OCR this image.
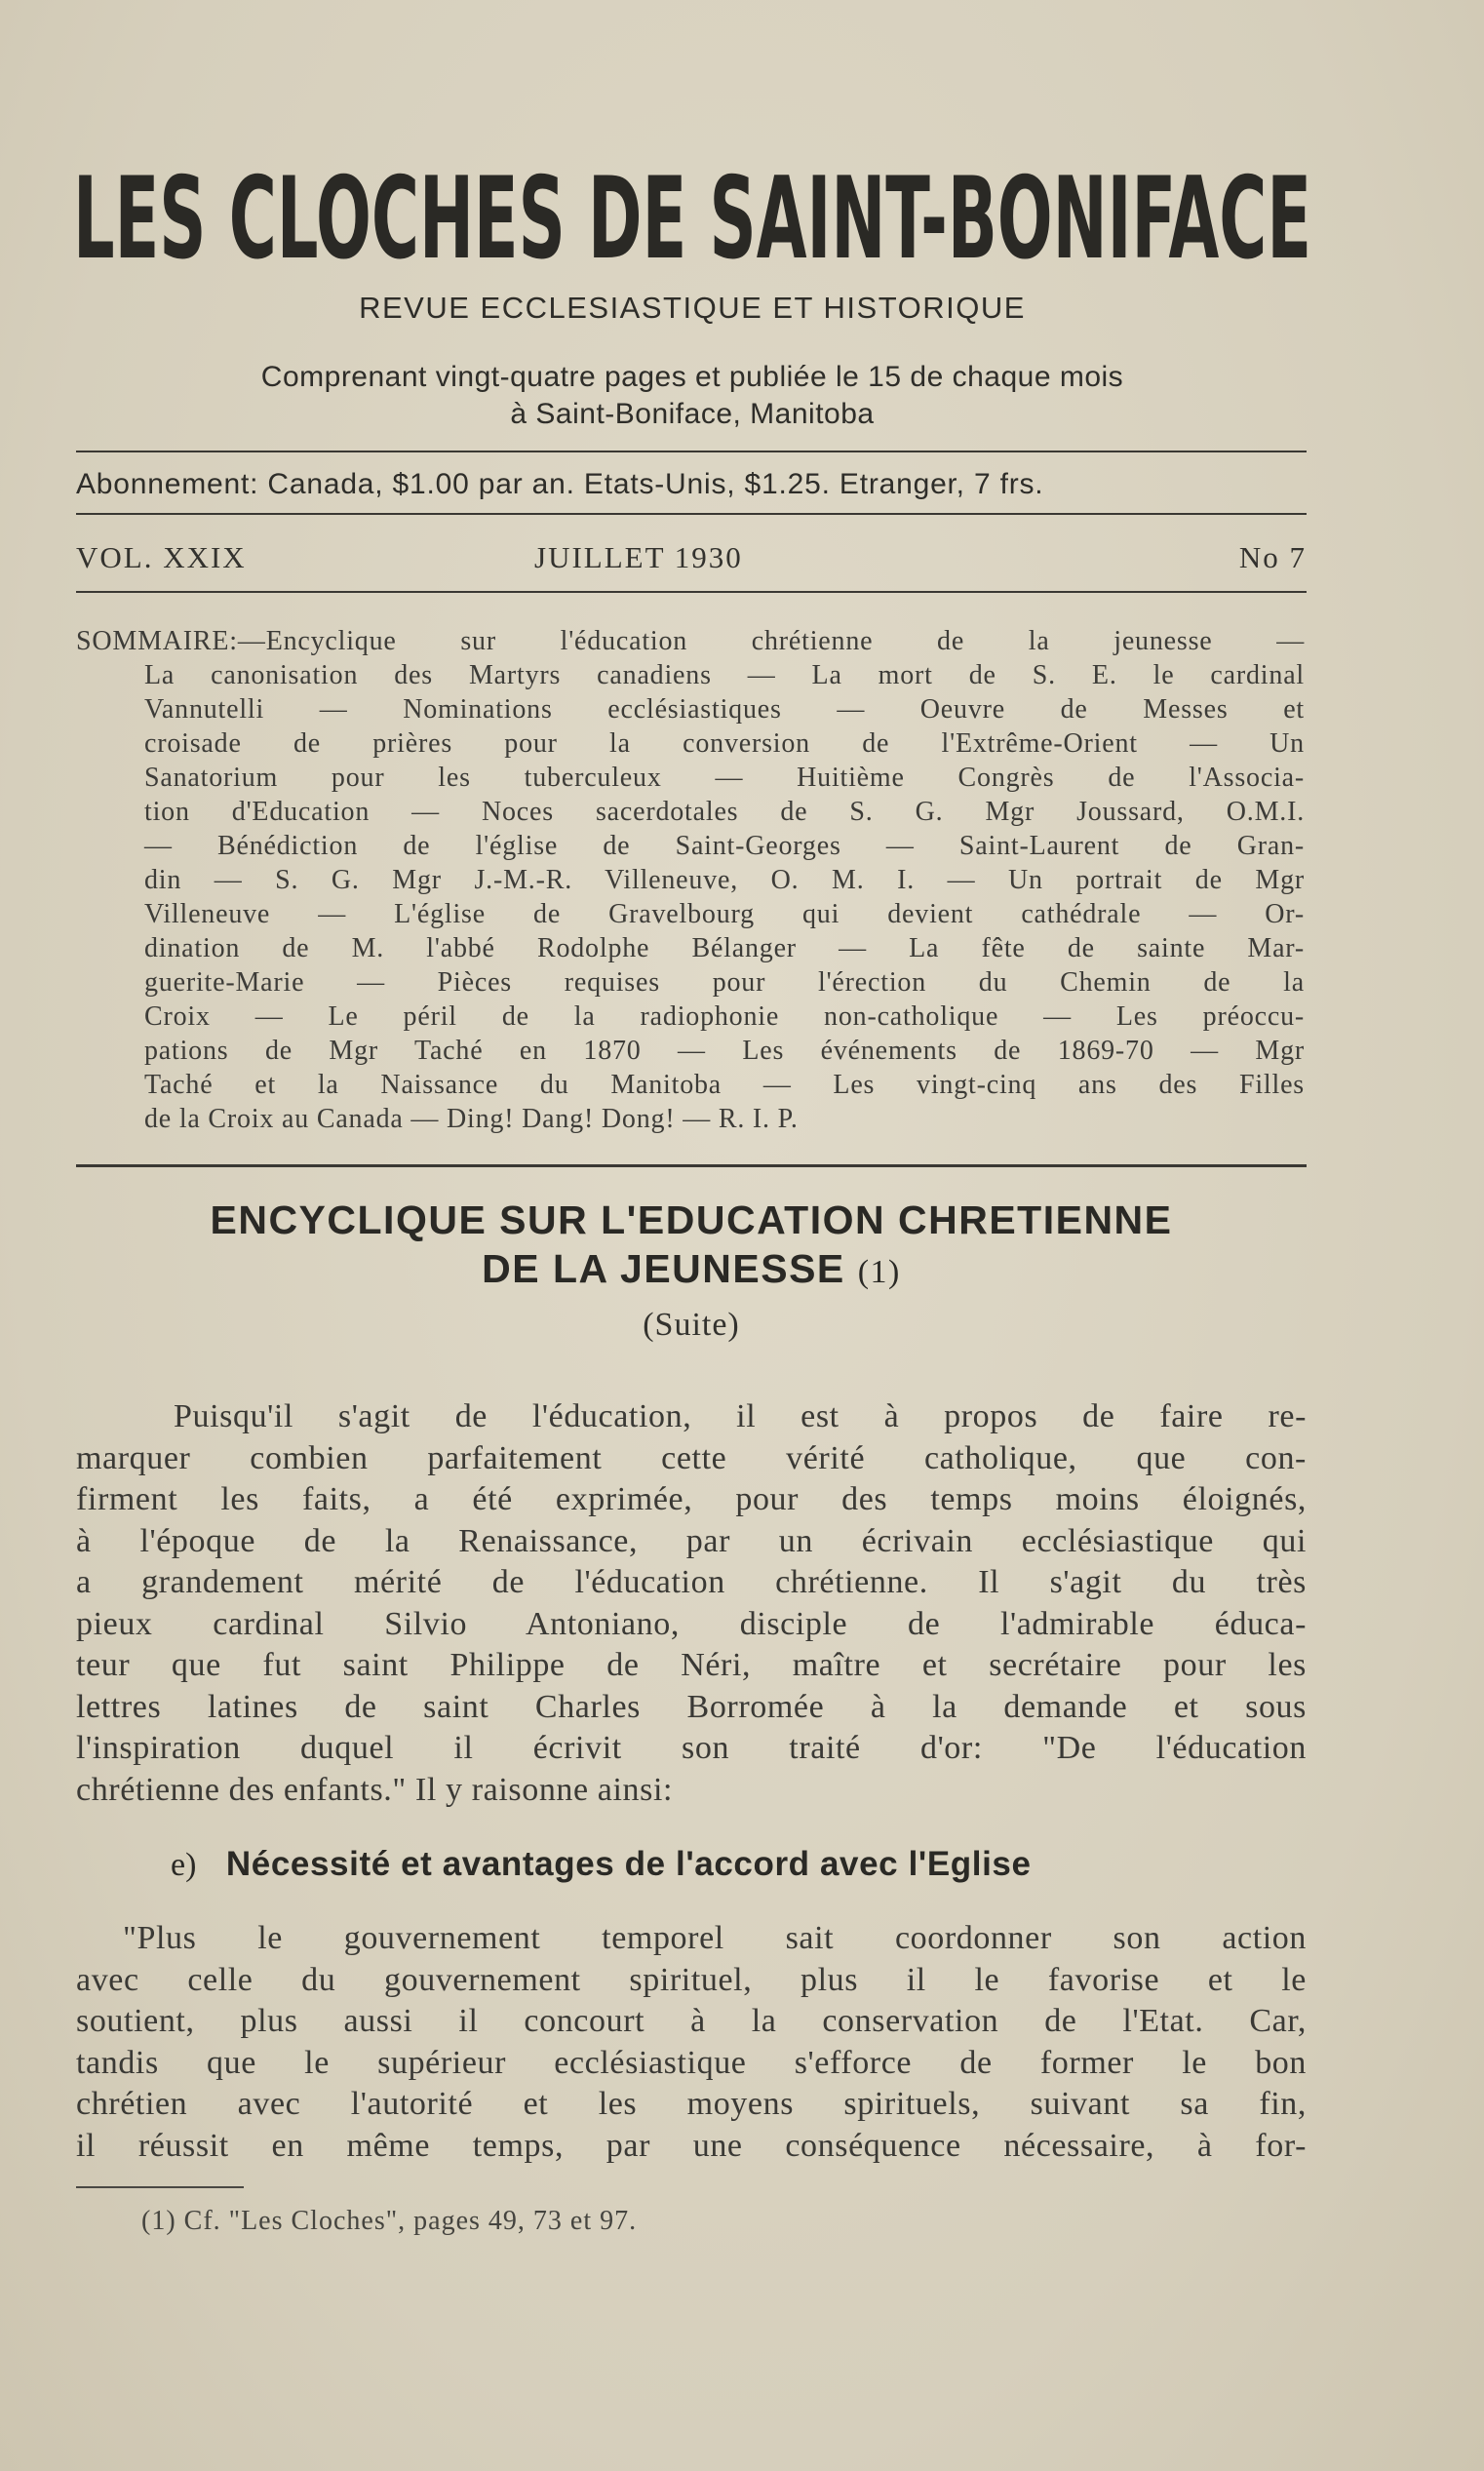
LES CLOCHES DE SAINT-BONIFACE
REVUE ECCLESIASTIQUE ET HISTORIQUE
Comprenant vingt-quatre pages et publiée le 15 de chaque mois
à Saint-Boniface, Manitoba
Abonnement: Canada, $1.00 par an. Etats-Unis, $1.25. Etranger, 7 frs.
VOL. XXIX	JUILLET 1930	No 7
SOMMAIRE:—Encyclique sur l'éducation chrétienne de la jeunesse —
La canonisation des Martyrs canadiens — La mort de S. E. le cardinal
Vannutelli — Nominations ecclésiastiques — Oeuvre de Messes et
croisade de prières pour la conversion de l'Extrême-Orient — Un
Sanatorium pour les tuberculeux — Huitième Congrès de l'Associa-
tion d'Education — Noces sacerdotales de S. G. Mgr Joussard, O.M.I.
— Bénédiction de l'église de Saint-Georges — Saint-Laurent de Gran-
din — S. G. Mgr J.-M.-R. Villeneuve, O. M. I. — Un portrait de Mgr
Villeneuve — L'église de Gravelbourg qui devient cathédrale — Or-
dination de M. l'abbé Rodolphe Bélanger — La fête de sainte Mar-
guerite-Marie — Pièces requises pour l'érection du Chemin de la
Croix — Le péril de la radiophonie non-catholique — Les préoccu-
pations de Mgr Taché en 1870 — Les événements de 1869-70 — Mgr
Taché et la Naissance du Manitoba — Les vingt-cinq ans des Filles
de la Croix au Canada — Ding! Dang! Dong! — R. I. P.
ENCYCLIQUE SUR L'EDUCATION CHRETIENNE
DE LA JEUNESSE (1)
(Suite)
Puisqu'il s'agit de l'éducation, il est à propos de faire re-
marquer combien parfaitement cette vérité catholique, que con-
firment les faits, a été exprimée, pour des temps moins éloignés,
à l'époque de la Renaissance, par un écrivain ecclésiastique qui
a grandement mérité de l'éducation chrétienne. Il s'agit du très
pieux cardinal Silvio Antoniano, disciple de l'admirable éduca-
teur que fut saint Philippe de Néri, maître et secrétaire pour les
lettres latines de saint Charles Borromée à la demande et sous
l'inspiration duquel il écrivit son traité d'or: "De l'éducation
chrétienne des enfants." Il y raisonne ainsi:
e) Nécessité et avantages de l'accord avec l'Eglise
"Plus le gouvernement temporel sait coordonner son action
avec celle du gouvernement spirituel, plus il le favorise et le
soutient, plus aussi il concourt à la conservation de l'Etat. Car,
tandis que le supérieur ecclésiastique s'efforce de former le bon
chrétien avec l'autorité et les moyens spirituels, suivant sa fin,
il réussit en même temps, par une conséquence nécessaire, à for-
(1) Cf. "Les Cloches", pages 49, 73 et 97.
